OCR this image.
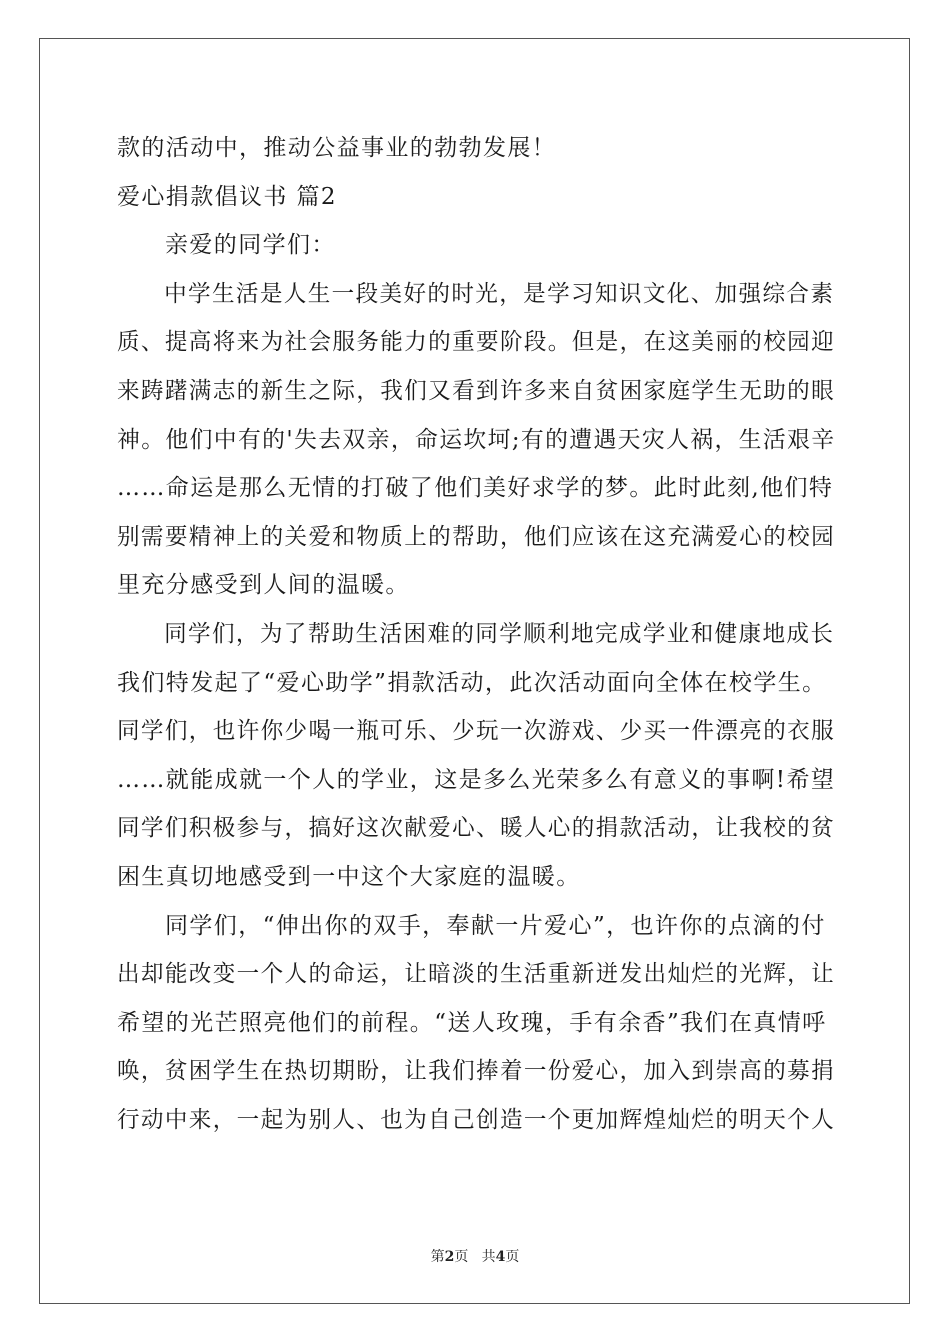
款的活动中，推动公益事业的勃勃发展！
爱心捐款倡议书 篇2
亲爱的同学们：
中学生活是人生一段美好的时光，是学习知识文化、加强综合素
质、提高将来为社会服务能力的重要阶段。但是，在这美丽的校园迎
来踌躇满志的新生之际，我们又看到许多来自贫困家庭学生无助的眼
神。他们中有的'失去双亲，命运坎坷;有的遭遇天灾人祸，生活艰辛
……命运是那么无情的打破了他们美好求学的梦。此时此刻,他们特
别需要精神上的关爱和物质上的帮助，他们应该在这充满爱心的校园
里充分感受到人间的温暖。
同学们，为了帮助生活困难的同学顺利地完成学业和健康地成长
我们特发起了“爱心助学”捐款活动，此次活动面向全体在校学生。
同学们，也许你少喝一瓶可乐、少玩一次游戏、少买一件漂亮的衣服
……就能成就一个人的学业，这是多么光荣多么有意义的事啊!希望
同学们积极参与，搞好这次献爱心、暖人心的捐款活动，让我校的贫
困生真切地感受到一中这个大家庭的温暖。
同学们，“伸出你的双手，奉献一片爱心”，也许你的点滴的付
出却能改变一个人的命运，让暗淡的生活重新迸发出灿烂的光辉，让
希望的光芒照亮他们的前程。“送人玫瑰，手有余香”我们在真情呼
唤，贫困学生在热切期盼，让我们捧着一份爱心，加入到崇高的募捐
行动中来，一起为别人、也为自己创造一个更加辉煌灿烂的明天个人
第2页 共4页
